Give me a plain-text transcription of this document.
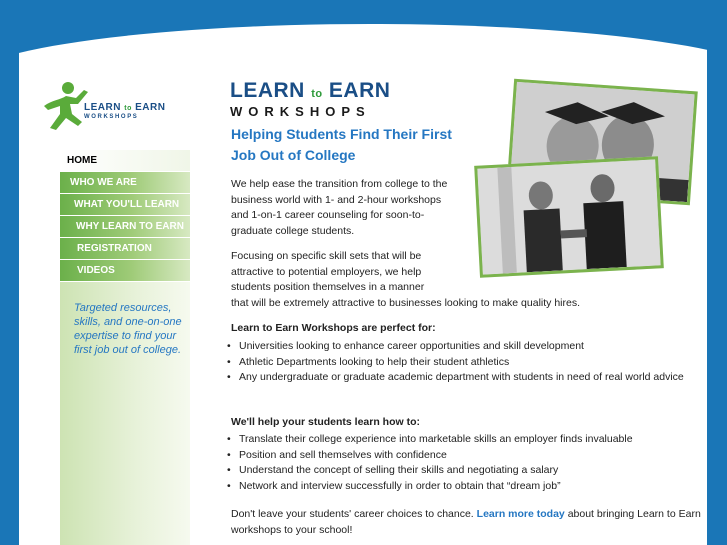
LEARN to EARN
WORKSHOPS
HOME
WHO WE ARE
WHAT YOU'LL LEARN
WHY LEARN TO EARN
REGISTRATION
VIDEOS
Targeted resources, skills, and one-on-one expertise to find your first job out of college.
LEARN to EARN
WORKSHOPS
Helping Students Find Their First Job Out of College
We help ease the transition from college to the business world with 1- and 2-hour workshops and 1-on-1 career counseling for soon-to-graduate college students.
Focusing on specific skill sets that will be attractive to potential employers, we help students position themselves in a manner
that will be extremely attractive to businesses looking to make quality hires.
Learn to Earn Workshops are perfect for:
• Universities looking to enhance career opportunities and skill development
• Athletic Departments looking to help their student athletics
• Any undergraduate or graduate academic department with students in need of real world advice
We'll help your students learn how to:
• Translate their college experience into marketable skills an employer finds invaluable
• Position and sell themselves with confidence
• Understand the concept of selling their skills and negotiating a salary
• Network and interview successfully in order to obtain that “dream job”
Don't leave your students' career choices to chance. Learn more today about bringing Learn to Earn workshops to your school!
